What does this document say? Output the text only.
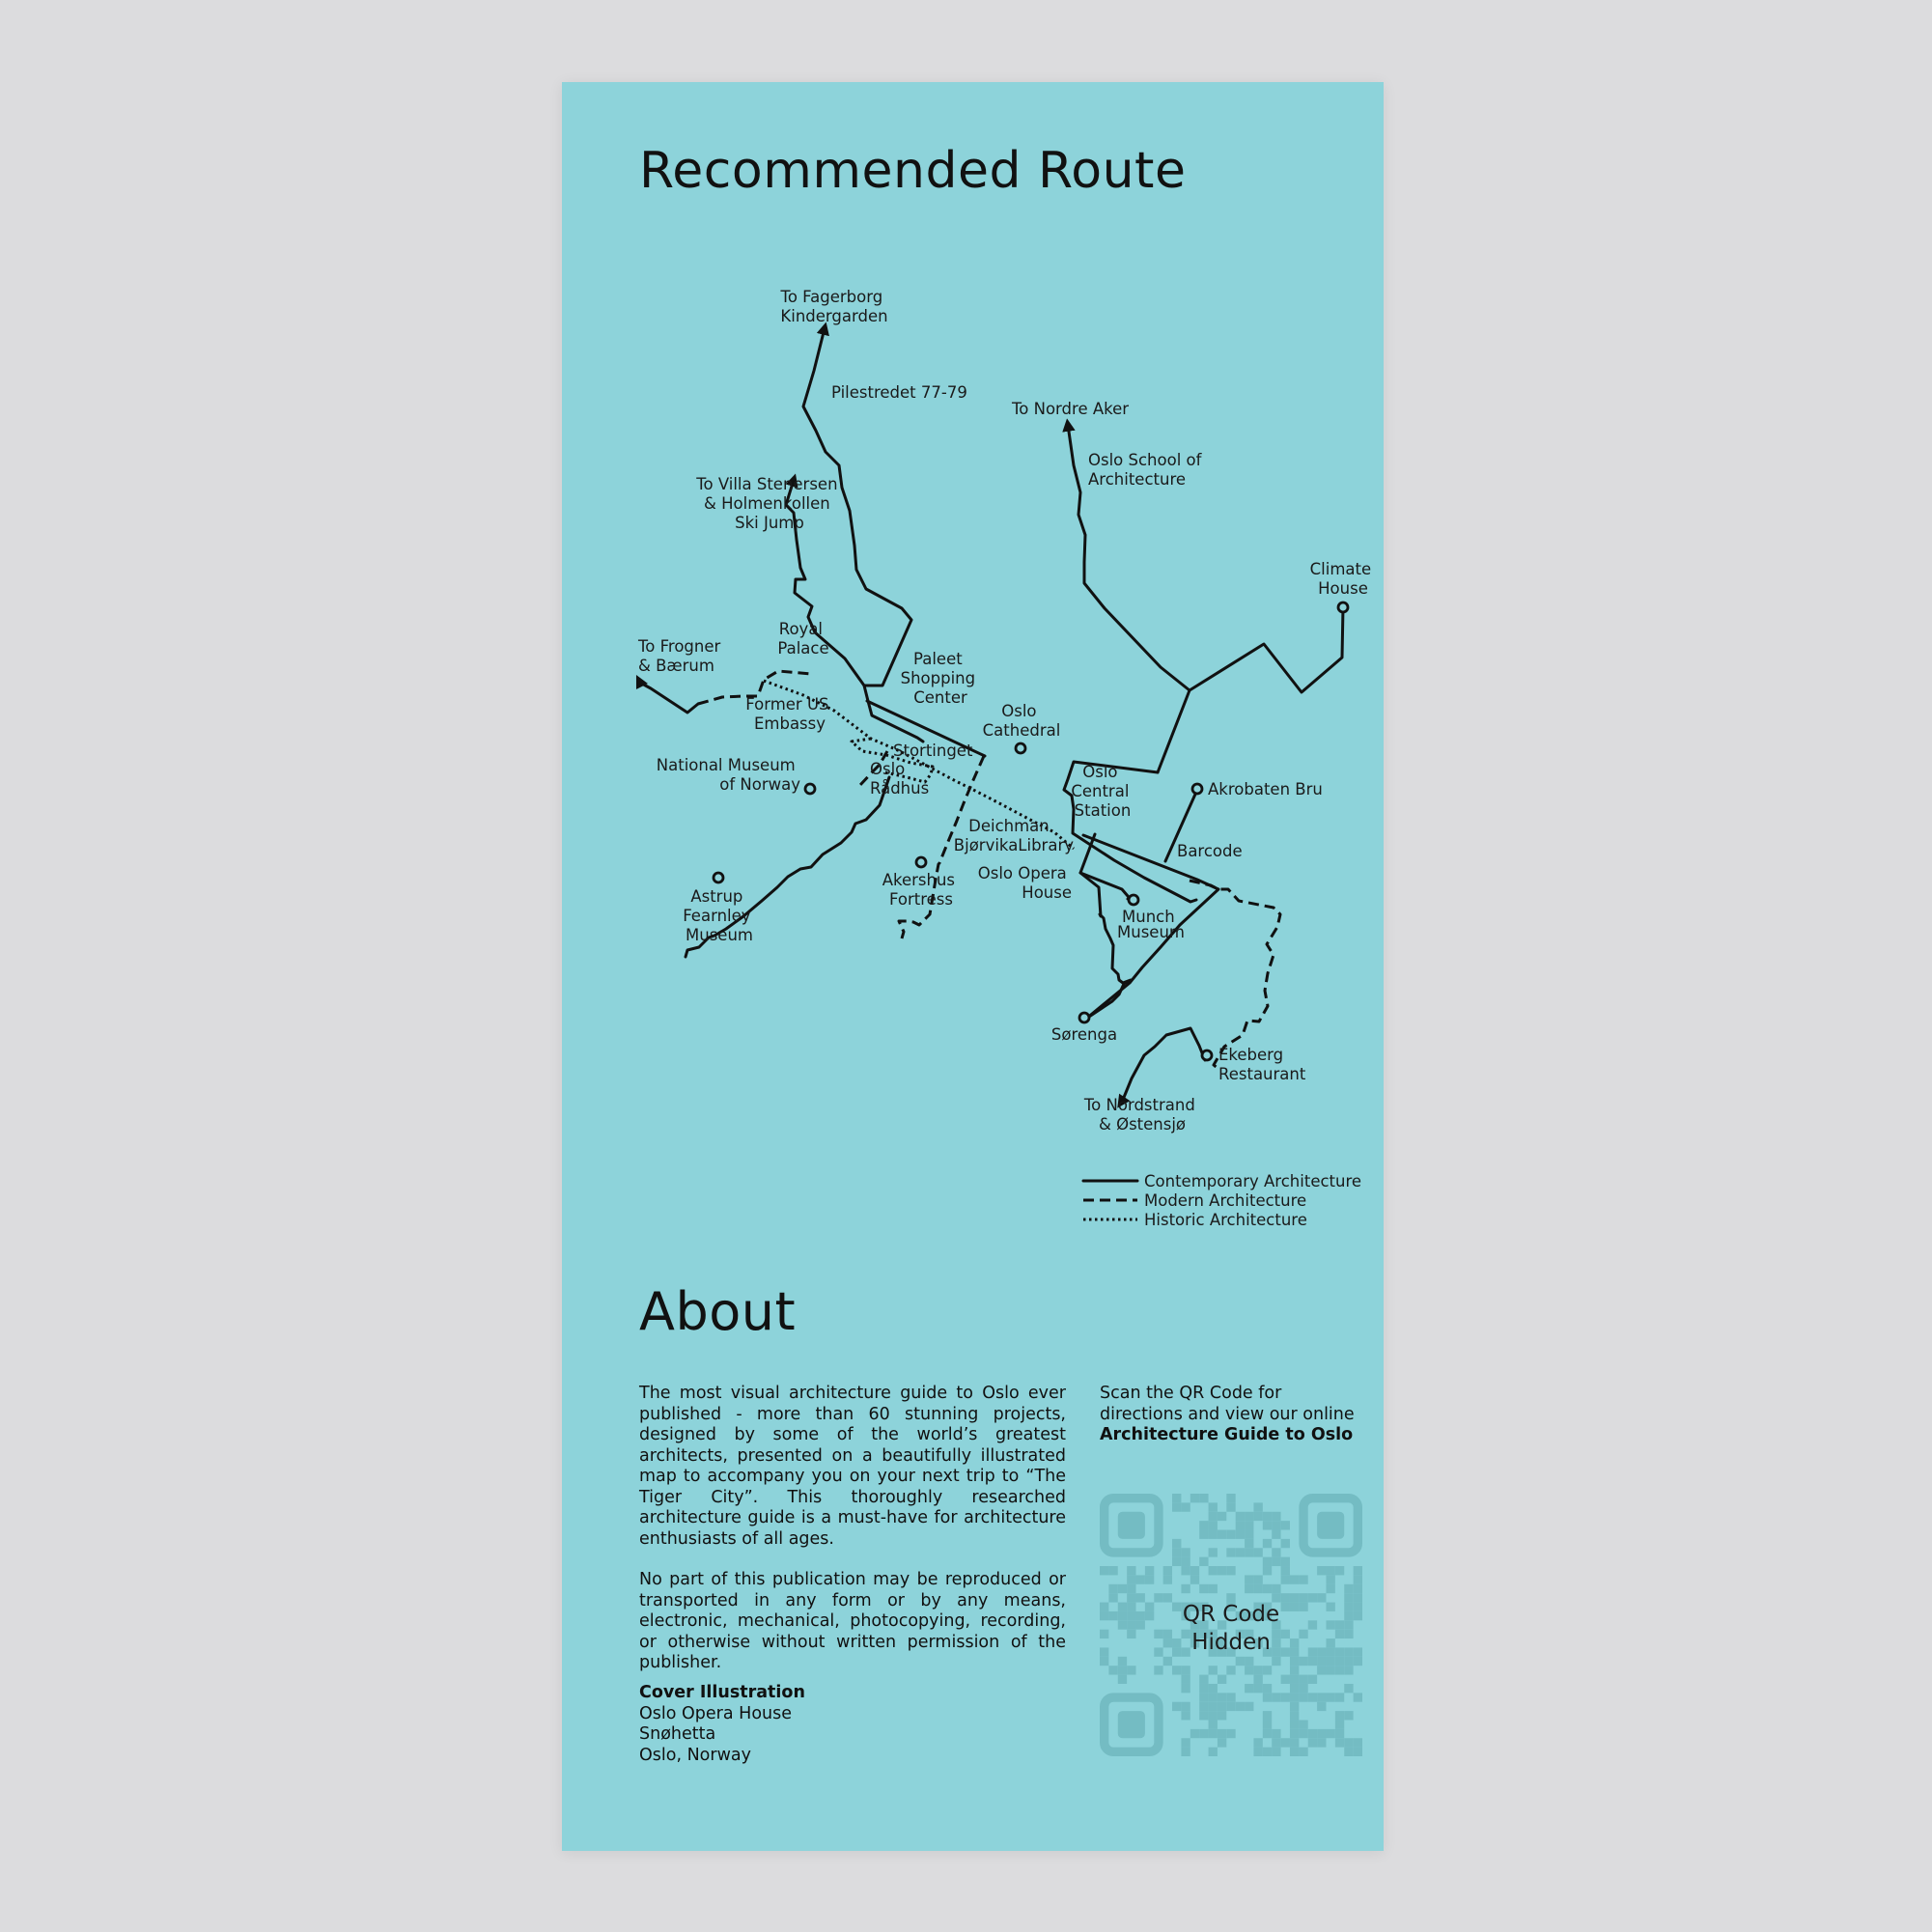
Recommended Route
To Fagerborg Kindergarden
Pilestredet 77-79
To Villa Stenersen & Holmenkollen Ski Jump
To Nordre Aker
Oslo School of Architecture
Climate House
To Frogner & Bærum
Royal Palace
Paleet Shopping Center
Oslo Cathedral
Former US Embassy
Stortinget
National Museum of Norway
Oslo Rådhus
Oslo Central Station
Akrobaten Bru
Deichman BjørvikaLibrary	Barcode
Astrup Fearnley Museum
Akershus Fortress
Oslo Opera House
Munch Museum
Sørenga
Ekeberg Restaurant
To Nordstrand & Østensjø
Contemporary Architecture
Modern Architecture
Historic Architecture
About

The most visual architecture guide to Oslo ever published - more than 60 stunning projects, designed by some of the world’s greatest architects, presented on a beautifully illustrated map to accompany you on your next trip to “The Tiger City”. This thoroughly researched architecture guide is a must-have for architecture enthusiasts of all ages.

No part of this publication may be reproduced or transported in any form or by any means, electronic, mechanical, photocopying, recording, or otherwise without written permission of the publisher.

Cover Illustration
Oslo Opera House
Snøhetta
Oslo, Norway
Scan the QR Code for
directions and view our online
Architecture Guide to Oslo
QR Code
Hidden
